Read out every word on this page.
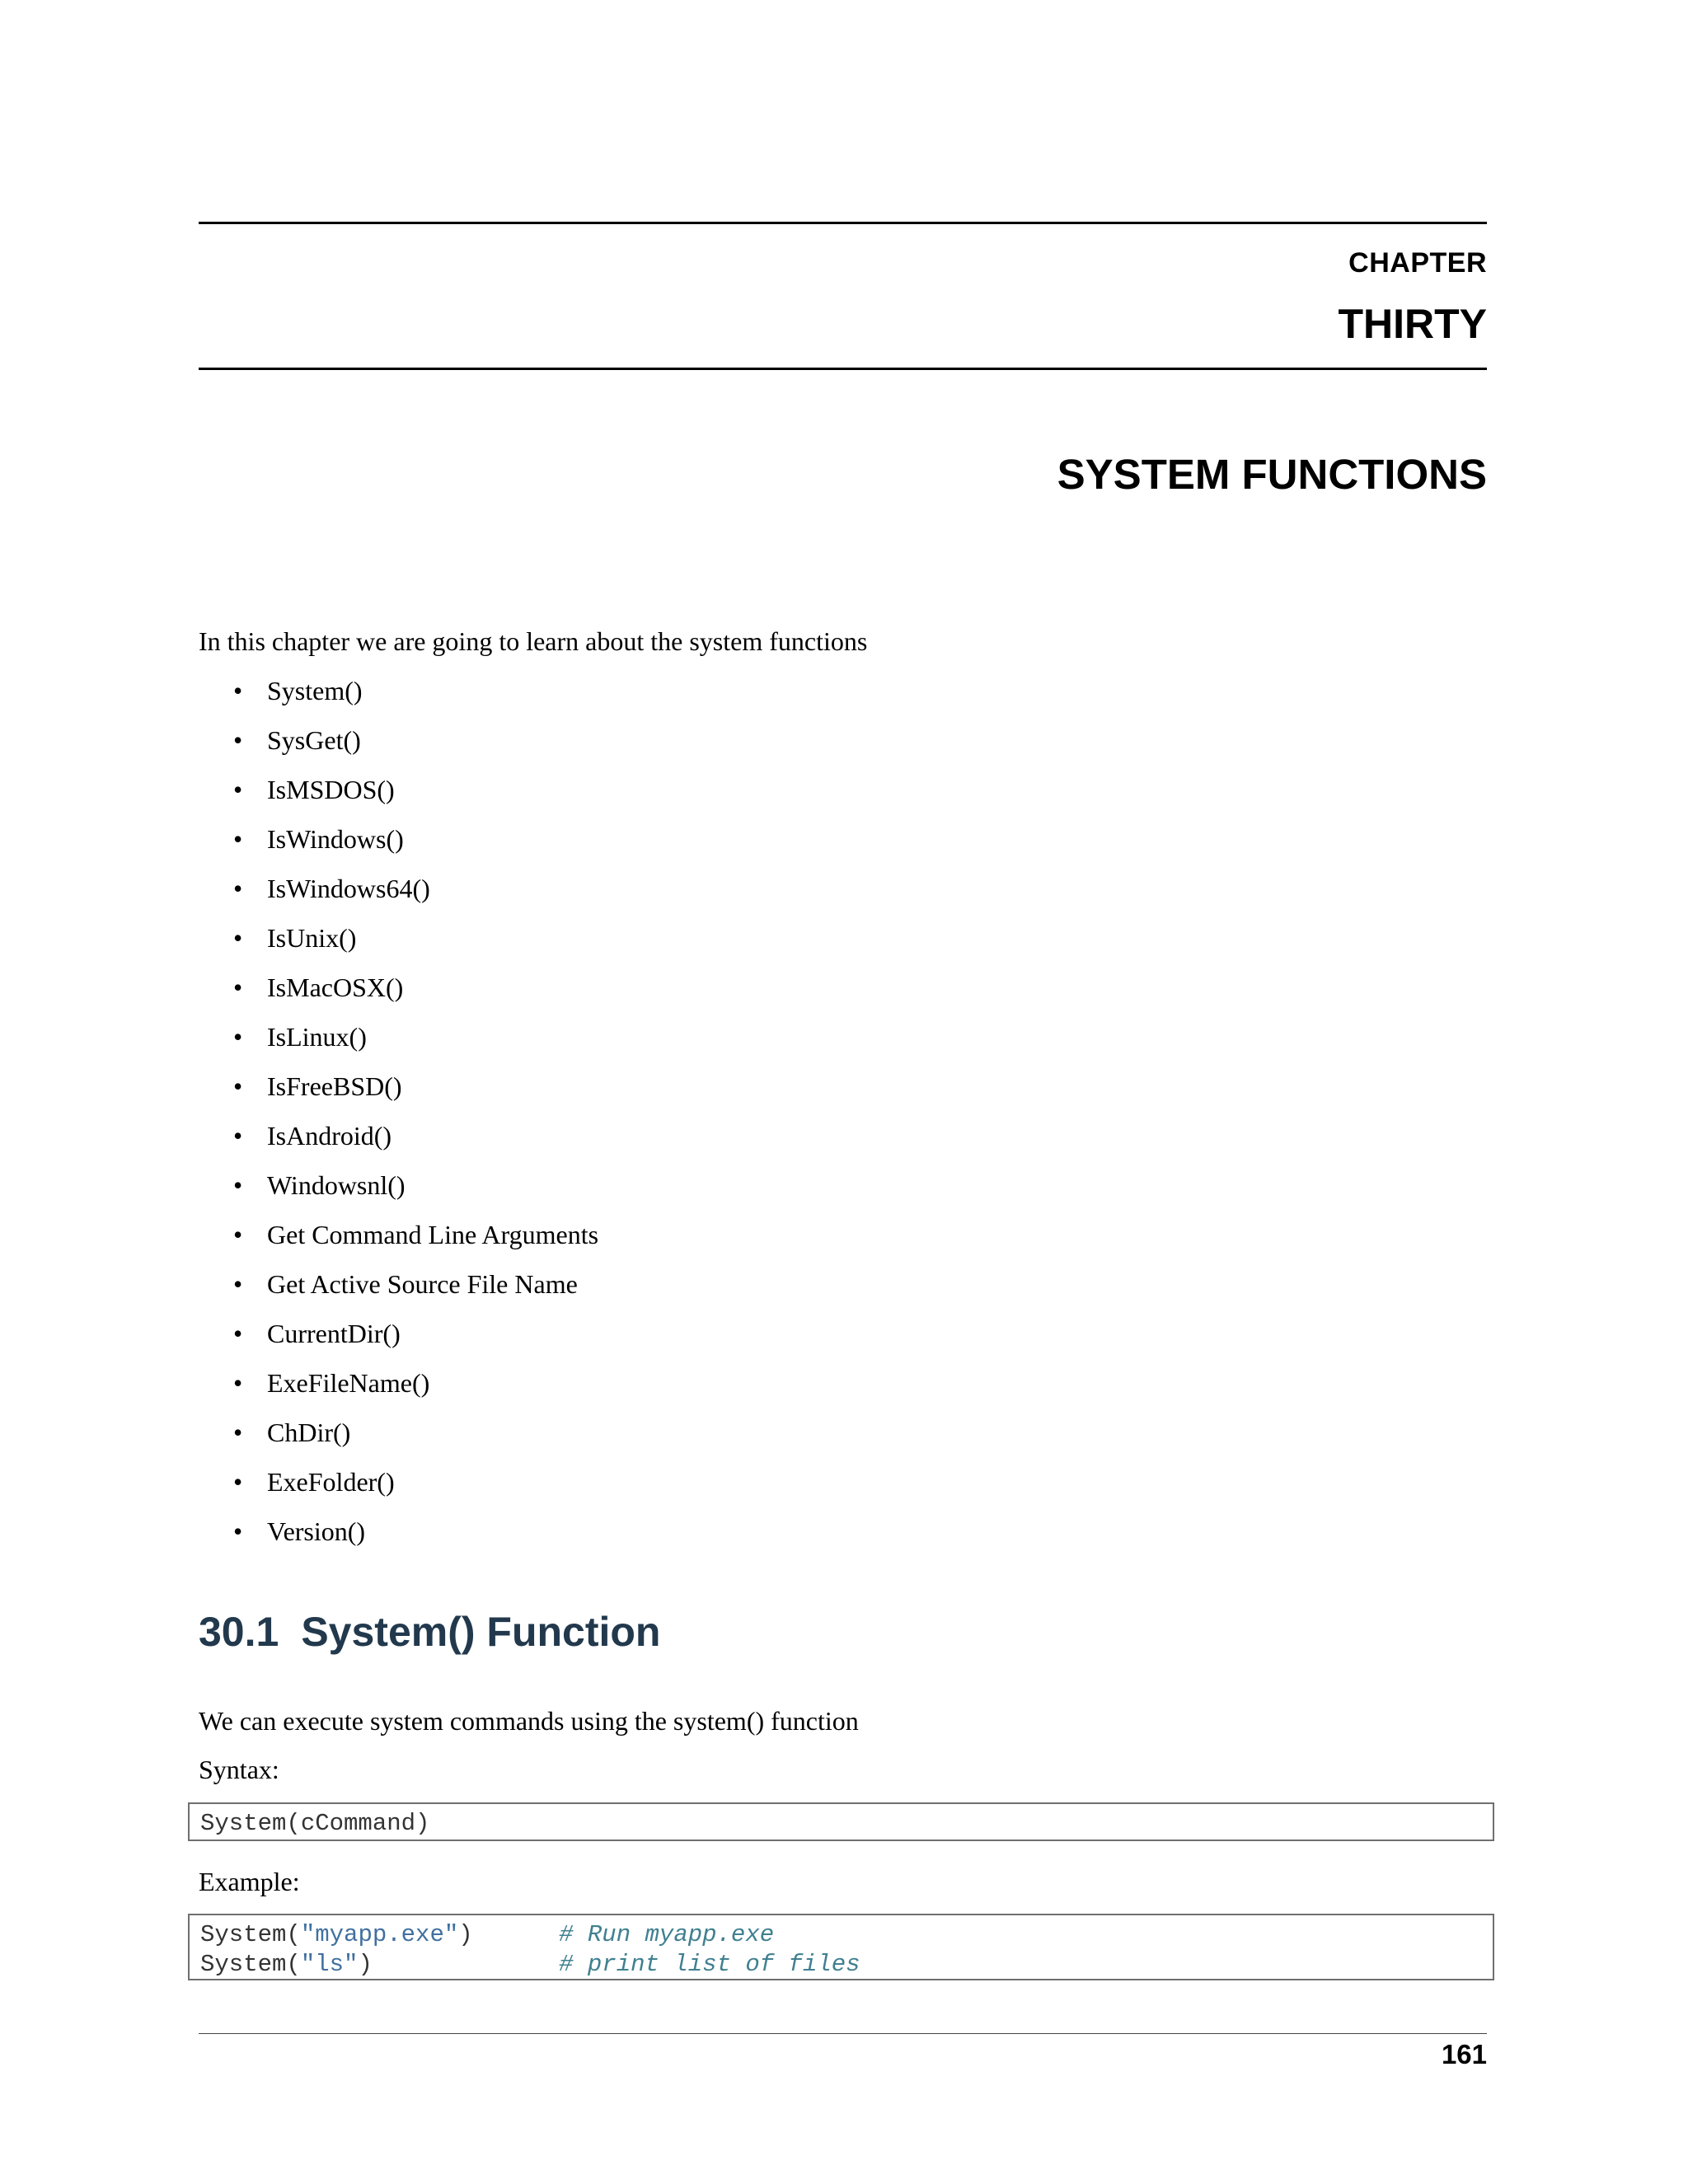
CHAPTER
THIRTY
SYSTEM FUNCTIONS
In this chapter we are going to learn about the system functions
• System()
• SysGet()
• IsMSDOS()
• IsWindows()
• IsWindows64()
• IsUnix()
• IsMacOSX()
• IsLinux()
• IsFreeBSD()
• IsAndroid()
• Windowsnl()
• Get Command Line Arguments
• Get Active Source File Name
• CurrentDir()
• ExeFileName()
• ChDir()
• ExeFolder()
• Version()
30.1 System() Function
We can execute system commands using the system() function
Syntax:
System(cCommand)
Example:
System("myapp.exe")	# Run myapp.exe
System("ls")	# print list of files
161
